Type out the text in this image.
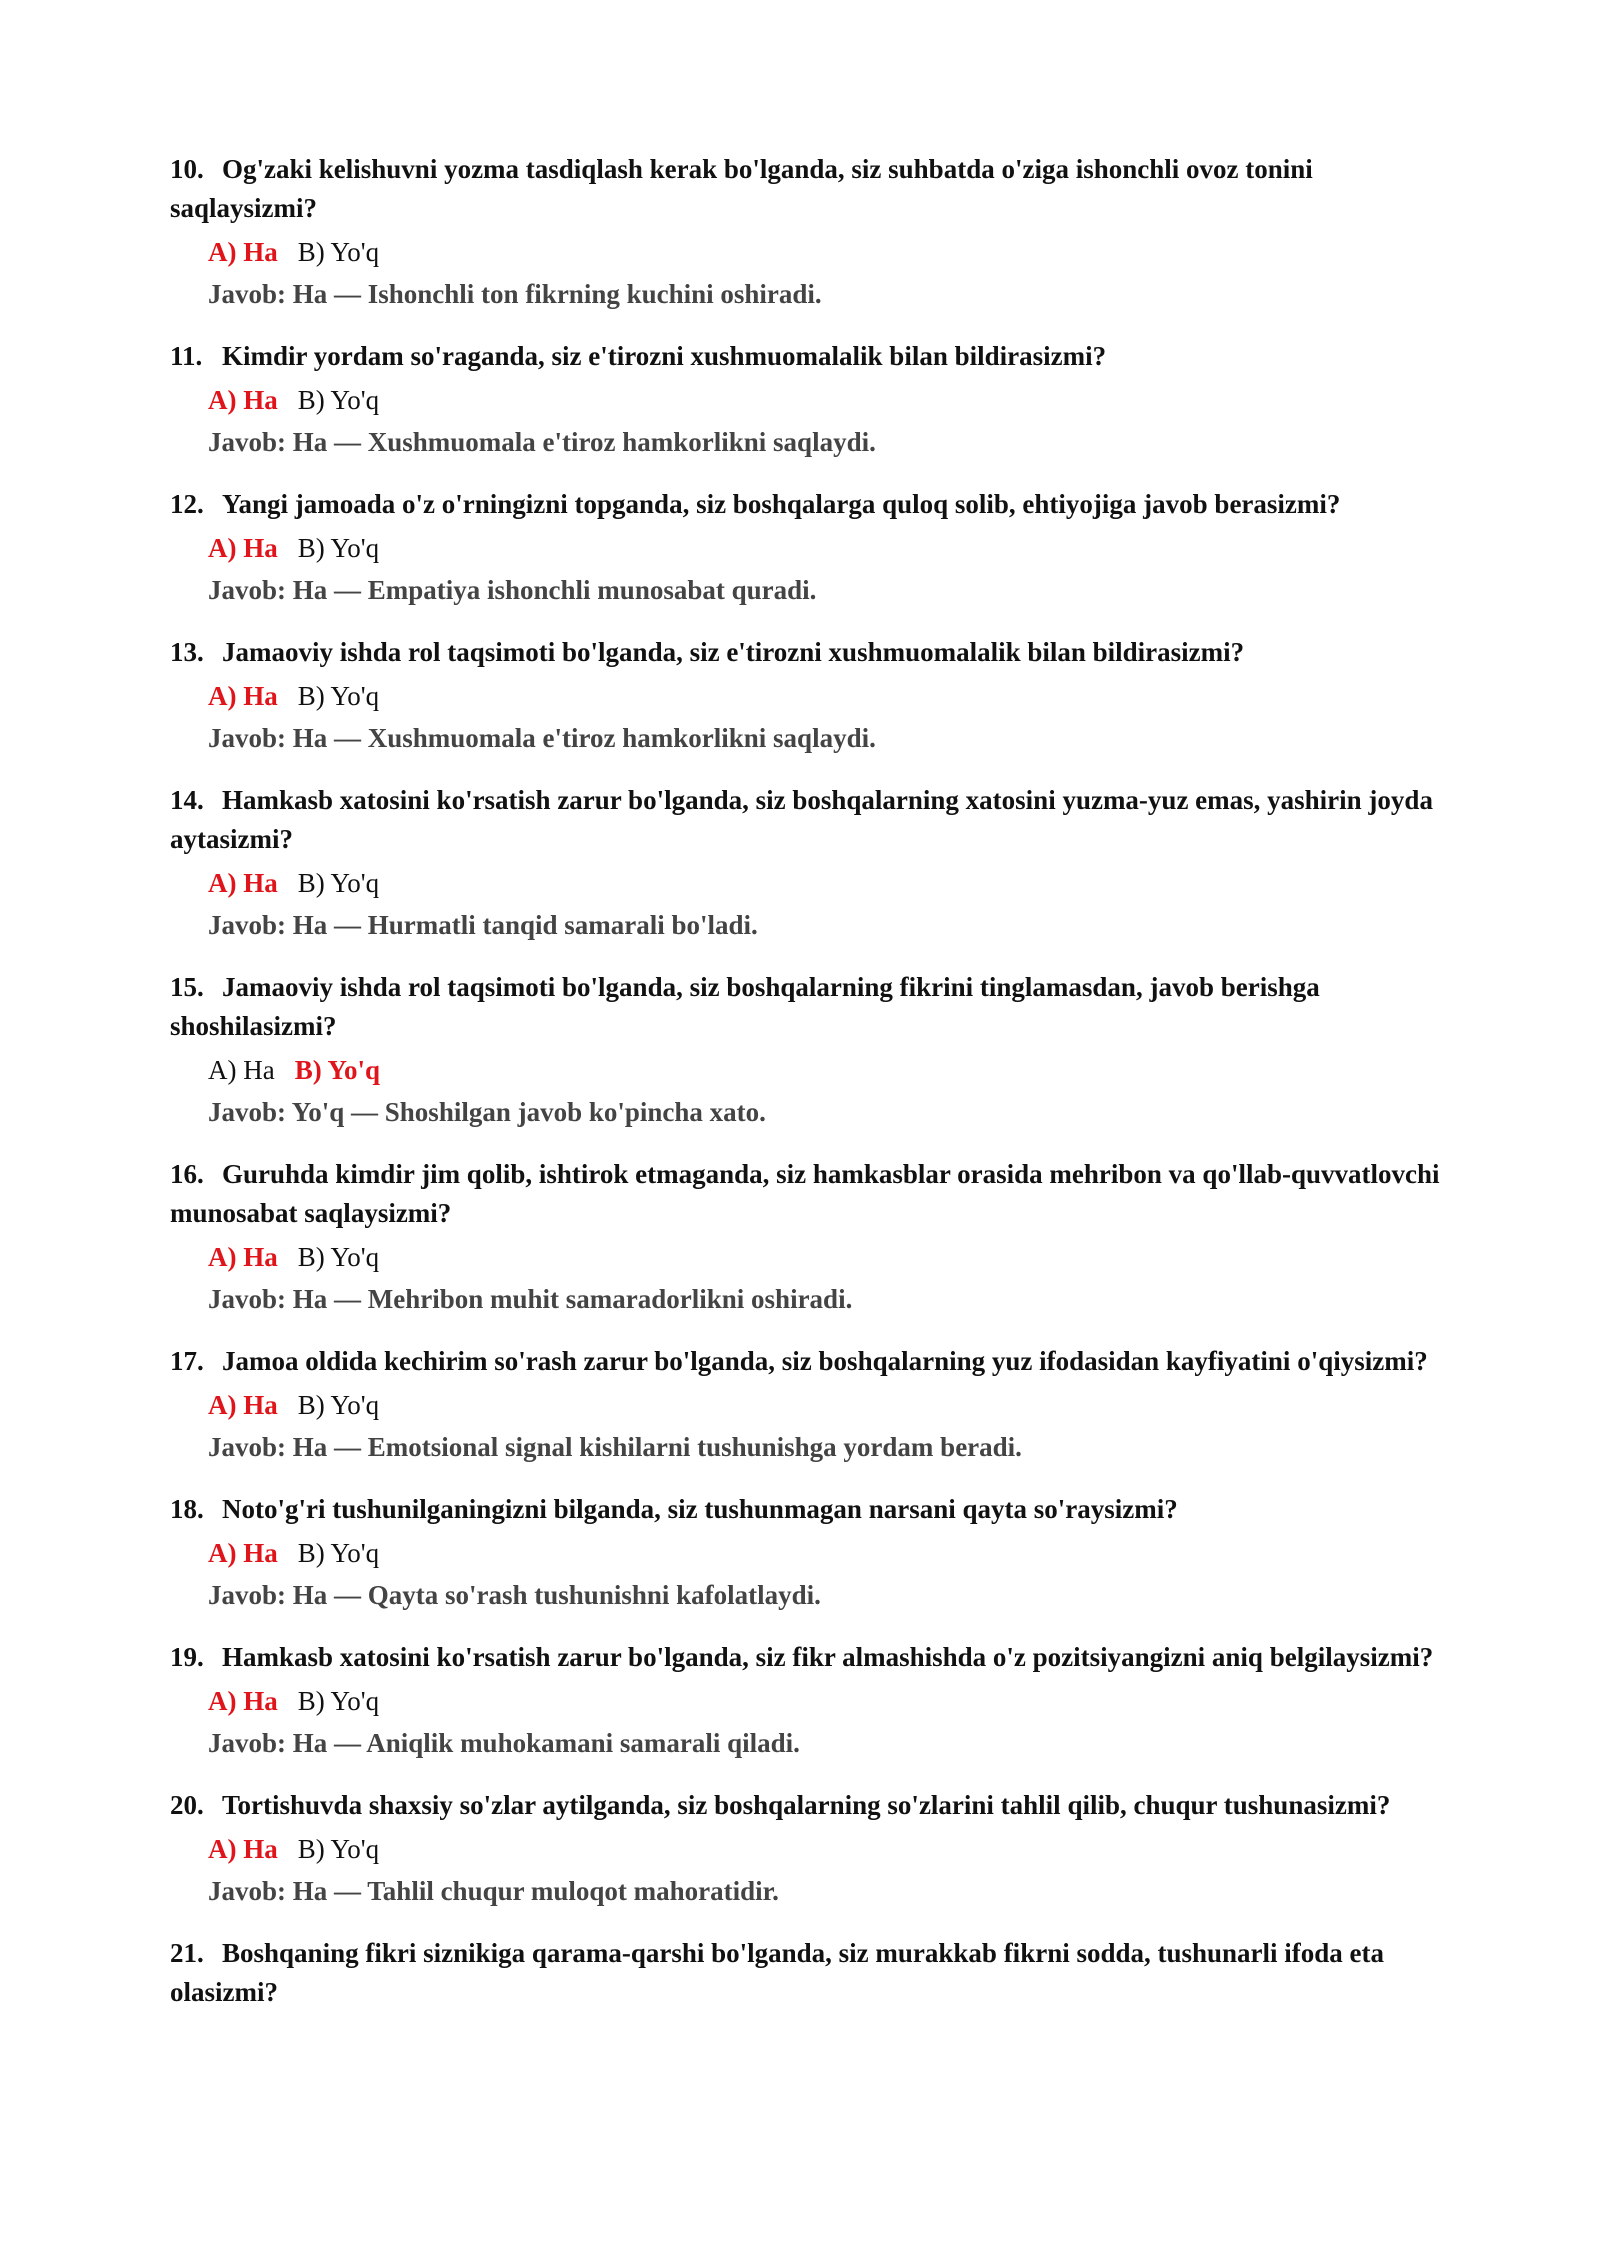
10. Og'zaki kelishuvni yozma tasdiqlash kerak bo'lganda, siz suhbatda o'ziga ishonchli ovoz tonini saqlaysizmi?

A) Ha B) Yo'q
Javob: Ha — Ishonchli ton fikrning kuchini oshiradi.

11. Kimdir yordam so'raganda, siz e'tirozni xushmuomalalik bilan bildirasizmi?

A) Ha B) Yo'q
Javob: Ha — Xushmuomala e'tiroz hamkorlikni saqlaydi.

12. Yangi jamoada o'z o'rningizni topganda, siz boshqalarga quloq solib, ehtiyojiga javob berasizmi?

A) Ha B) Yo'q
Javob: Ha — Empatiya ishonchli munosabat quradi.

13. Jamaoviy ishda rol taqsimoti bo'lganda, siz e'tirozni xushmuomalalik bilan bildirasizmi?

A) Ha B) Yo'q
Javob: Ha — Xushmuomala e'tiroz hamkorlikni saqlaydi.

14. Hamkasb xatosini ko'rsatish zarur bo'lganda, siz boshqalarning xatosini yuzma-yuz emas, yashirin joyda aytasizmi?

A) Ha B) Yo'q
Javob: Ha — Hurmatli tanqid samarali bo'ladi.

15. Jamaoviy ishda rol taqsimoti bo'lganda, siz boshqalarning fikrini tinglamasdan, javob berishga shoshilasizmi?

A) Ha B) Yo'q
Javob: Yo'q — Shoshilgan javob ko'pincha xato.

16. Guruhda kimdir jim qolib, ishtirok etmaganda, siz hamkasblar orasida mehribon va qo'llab-quvvatlovchi munosabat saqlaysizmi?

A) Ha B) Yo'q
Javob: Ha — Mehribon muhit samaradorlikni oshiradi.

17. Jamoa oldida kechirim so'rash zarur bo'lganda, siz boshqalarning yuz ifodasidan kayfiyatini o'qiysizmi?

A) Ha B) Yo'q
Javob: Ha — Emotsional signal kishilarni tushunishga yordam beradi.

18. Noto'g'ri tushunilganingizni bilganda, siz tushunmagan narsani qayta so'raysizmi?

A) Ha B) Yo'q
Javob: Ha — Qayta so'rash tushunishni kafolatlaydi.

19. Hamkasb xatosini ko'rsatish zarur bo'lganda, siz fikr almashishda o'z pozitsiyangizni aniq belgilaysizmi?

A) Ha B) Yo'q
Javob: Ha — Aniqlik muhokamani samarali qiladi.

20. Tortishuvda shaxsiy so'zlar aytilganda, siz boshqalarning so'zlarini tahlil qilib, chuqur tushunasizmi?

A) Ha B) Yo'q
Javob: Ha — Tahlil chuqur muloqot mahoratidir.

21. Boshqaning fikri siznikiga qarama-qarshi bo'lganda, siz murakkab fikrni sodda, tushunarli ifoda eta olasizmi?
